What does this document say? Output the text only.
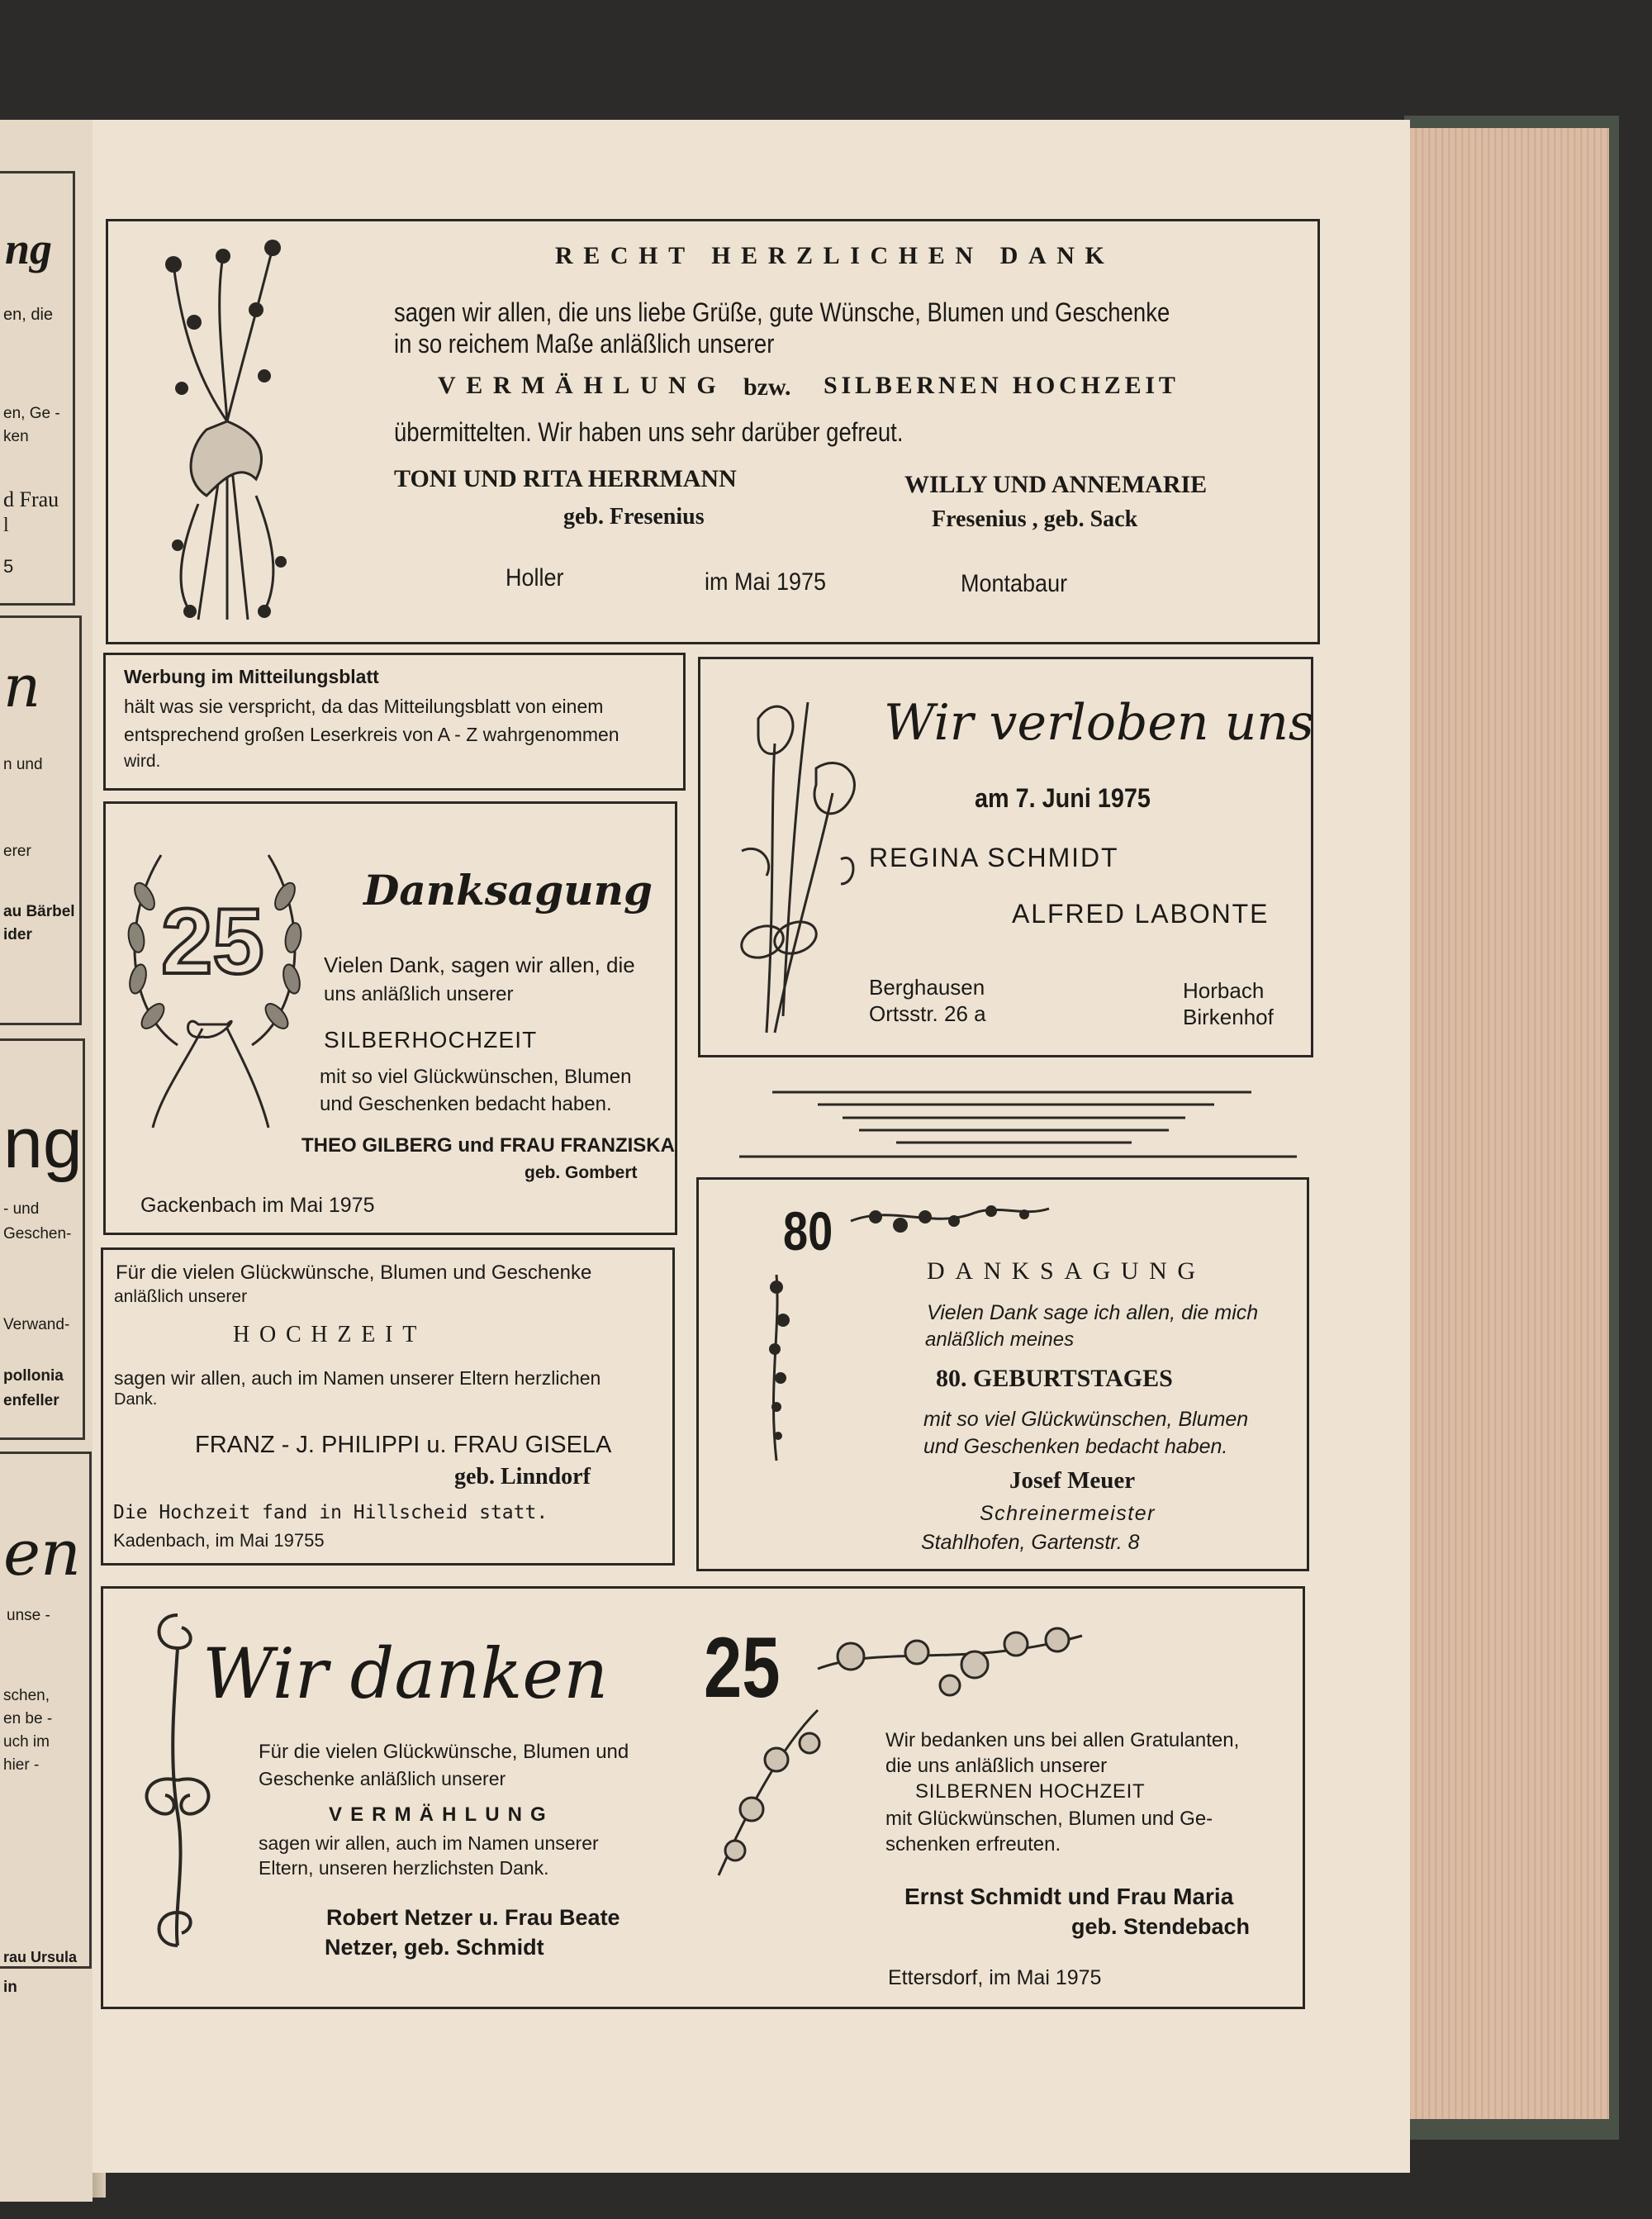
ng
en, die
en, Ge -
ken
d Frau
l
5
n
n und
erer
au Bärbel
ider
ng
- und
Geschen-
Verwand-
pollonia
enfeller
en
unse -
schen,
en be -
uch im
hier -
rau Ursula
in
RECHT HERZLICHEN DANK
sagen wir allen, die uns liebe Grüße, gute Wünsche, Blumen und Geschenke
in so reichem Maße anläßlich unserer
VERMÄHLUNG bzw. SILBERNEN HOCHZEIT
übermittelten. Wir haben uns sehr darüber gefreut.
TONI UND RITA HERRMANN
geb. Fresenius
WILLY UND ANNEMARIE
Fresenius , geb. Sack
Holler	im Mai 1975	Montabaur
Werbung im Mitteilungsblatt
hält was sie verspricht, da das Mitteilungsblatt von einem
entsprechend großen Leserkreis von A - Z wahrgenommen
wird.
Wir verloben uns
am 7. Juni 1975
REGINA SCHMIDT
ALFRED LABONTE
Berghausen
Ortsstr. 26 a
Horbach
Birkenhof
25 Danksagung
Vielen Dank, sagen wir allen, die
uns anläßlich unserer
SILBERHOCHZEIT
mit so viel Glückwünschen, Blumen
und Geschenken bedacht haben.
THEO GILBERG und FRAU FRANZISKA
geb. Gombert
Gackenbach im Mai 1975	80
DANKSAGUNG
Vielen Dank sage ich allen, die mich
anläßlich meines
80. GEBURTSTAGES
mit so viel Glückwünschen, Blumen
und Geschenken bedacht haben.
Josef Meuer
Schreinermeister
Stahlhofen, Gartenstr. 8
Für die vielen Glückwünsche, Blumen und Geschenke
anläßlich unserer
HOCHZEIT
sagen wir allen, auch im Namen unserer Eltern herzlichen
Dank.
FRANZ - J. PHILIPPI u. FRAU GISELA
geb. Linndorf
Die Hochzeit fand in Hillscheid statt.
Kadenbach, im Mai 19755
Wir danken
Für die vielen Glückwünsche, Blumen und
Geschenke anläßlich unserer
VERMÄHLUNG
sagen wir allen, auch im Namen unserer
Eltern, unseren herzlichsten Dank.
Robert Netzer u. Frau Beate
Netzer, geb. Schmidt
25
Wir bedanken uns bei allen Gratulanten,
die uns anläßlich unserer
SILBERNEN HOCHZEIT
mit Glückwünschen, Blumen und Ge-
schenken erfreuten.
Ernst Schmidt und Frau Maria
geb. Stendebach
Ettersdorf, im Mai 1975
